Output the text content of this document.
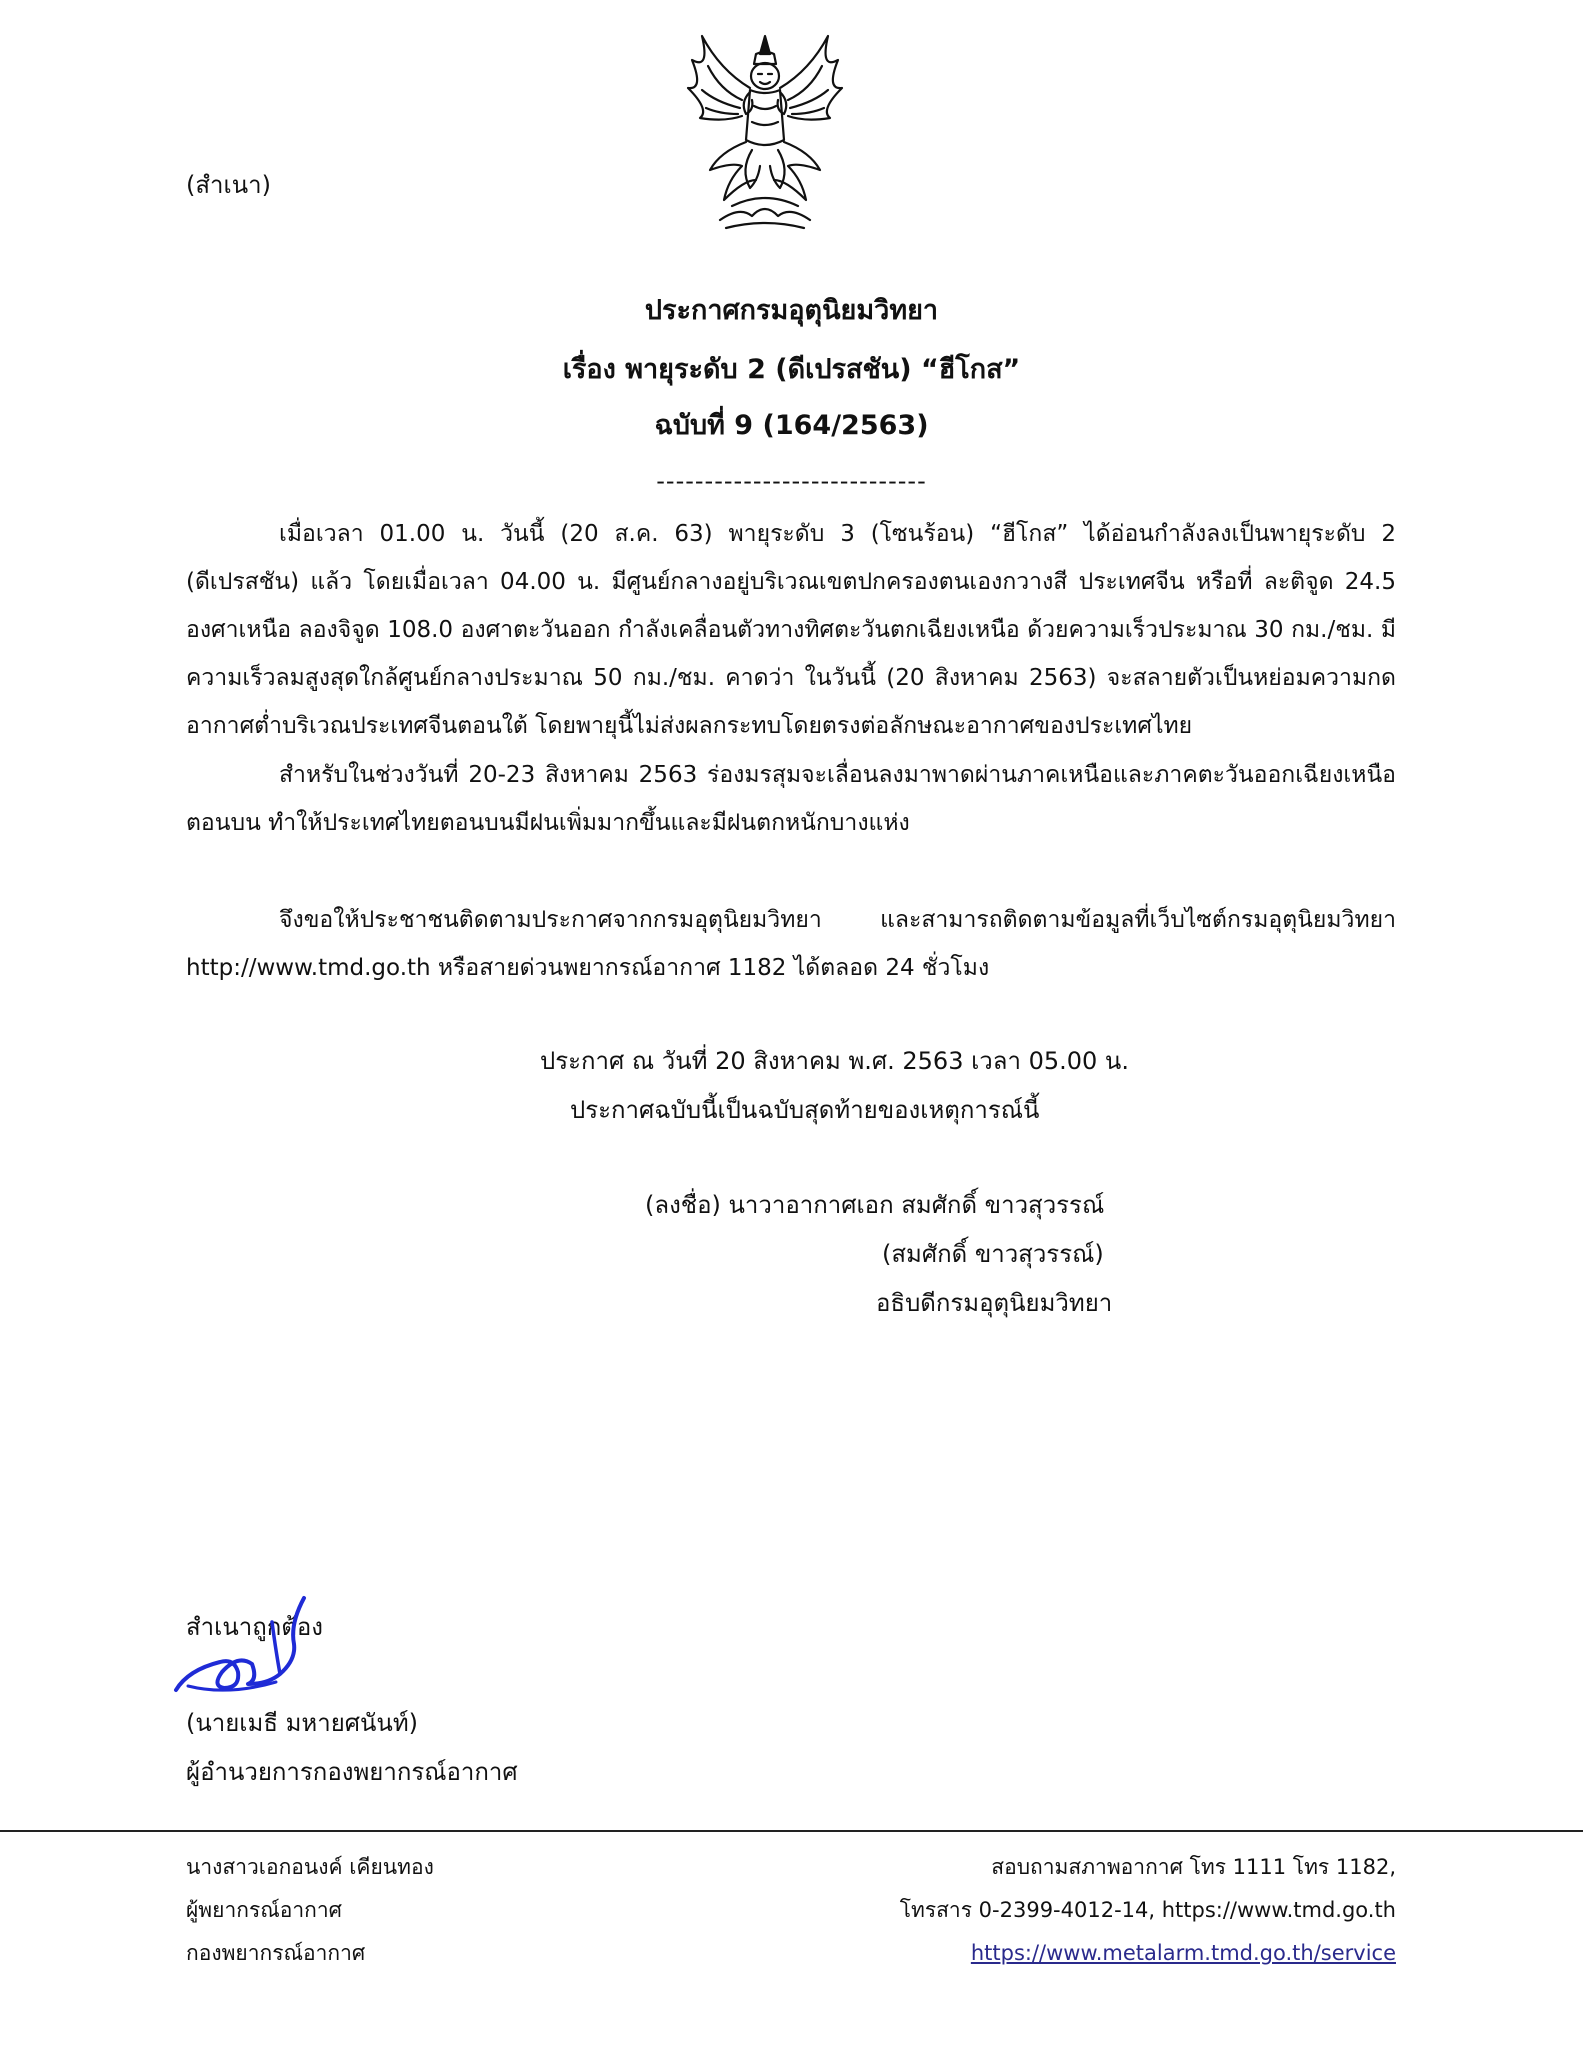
(สำเนา)
ประกาศกรมอุตุนิยมวิทยา
เรื่อง พายุระดับ 2 (ดีเปรสชัน) “ฮีโกส”
ฉบับที่ 9 (164/2563)
----------------------------
เมื่อเวลา 01.00 น. วันนี้ (20 ส.ค. 63) พายุระดับ 3 (โซนร้อน) “ฮีโกส” ได้อ่อนกำลังลงเป็นพายุระดับ 2 (ดีเปรสชัน) แล้ว โดยเมื่อเวลา 04.00 น. มีศูนย์กลางอยู่บริเวณเขตปกครองตนเองกวางสี ประเทศจีน หรือที่ ละติจูด 24.5 องศาเหนือ ลองจิจูด 108.0 องศาตะวันออก กำลังเคลื่อนตัวทางทิศตะวันตกเฉียงเหนือ ด้วยความเร็วประมาณ 30 กม./ชม. มีความเร็วลมสูงสุดใกล้ศูนย์กลางประมาณ 50 กม./ชม. คาดว่า ในวันนี้ (20 สิงหาคม 2563) จะสลายตัวเป็นหย่อมความกดอากาศต่ำบริเวณประเทศจีนตอนใต้ โดยพายุนี้ไม่ส่งผลกระทบโดยตรงต่อลักษณะอากาศของประเทศไทย
สำหรับในช่วงวันที่ 20-23 สิงหาคม 2563 ร่องมรสุมจะเลื่อนลงมาพาดผ่านภาคเหนือและภาคตะวันออกเฉียงเหนือตอนบน ทำให้ประเทศไทยตอนบนมีฝนเพิ่มมากขึ้นและมีฝนตกหนักบางแห่ง
จึงขอให้ประชาชนติดตามประกาศจากกรมอุตุนิยมวิทยา และสามารถติดตามข้อมูลที่เว็บไซต์กรมอุตุนิยมวิทยา http://www.tmd.go.th หรือสายด่วนพยากรณ์อากาศ 1182 ได้ตลอด 24 ชั่วโมง
ประกาศ ณ วันที่ 20 สิงหาคม พ.ศ. 2563 เวลา 05.00 น.
ประกาศฉบับนี้เป็นฉบับสุดท้ายของเหตุการณ์นี้
(ลงชื่อ) นาวาอากาศเอก สมศักดิ์ ขาวสุวรรณ์
(สมศักดิ์ ขาวสุวรรณ์)
อธิบดีกรมอุตุนิยมวิทยา
สำเนาถูกต้อง
(นายเมธี มหายศนันท์)
ผู้อำนวยการกองพยากรณ์อากาศ
นางสาวเอกอนงค์ เคียนทอง
ผู้พยากรณ์อากาศ
กองพยากรณ์อากาศ
สอบถามสภาพอากาศ โทร 1111 โทร 1182,
โทรสาร 0-2399-4012-14, https://www.tmd.go.th
https://www.metalarm.tmd.go.th/service
